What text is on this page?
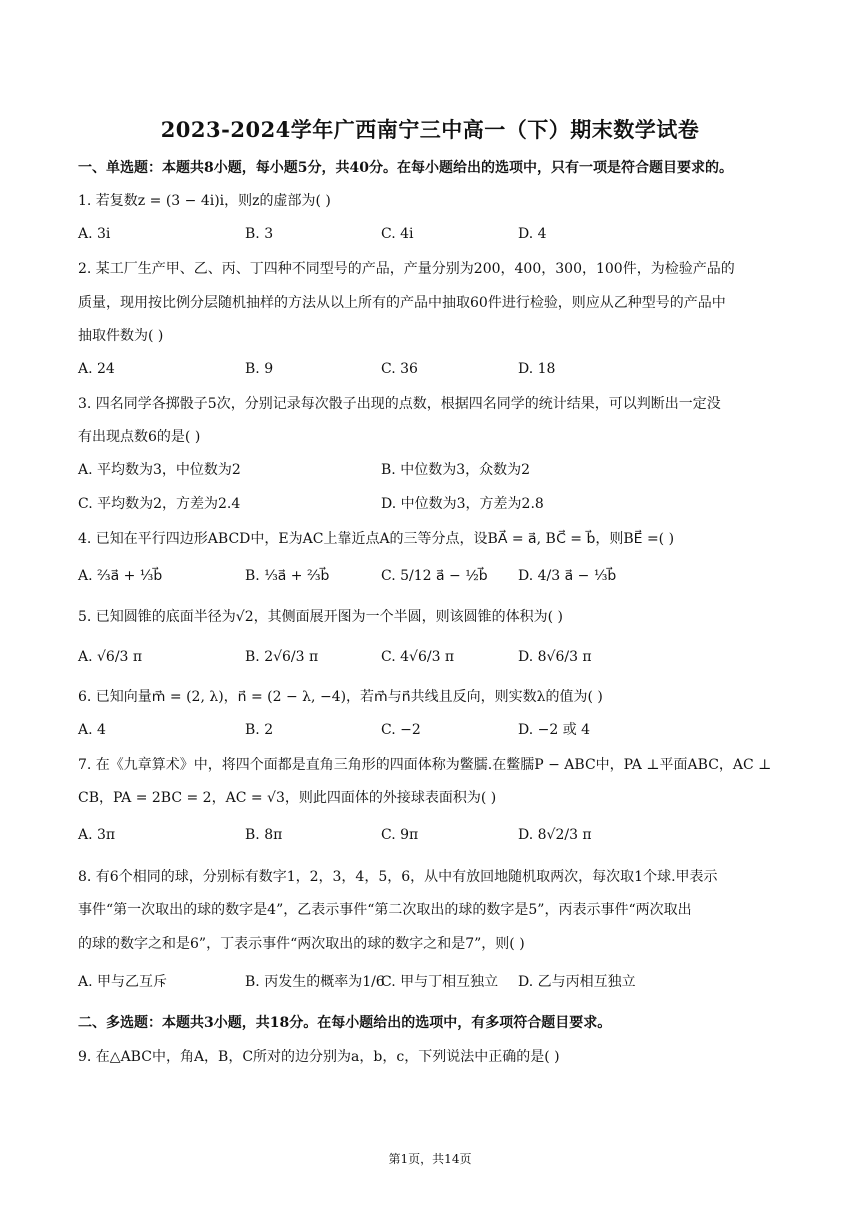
2023-2024学年广西南宁三中高一（下）期末数学试卷
一、单选题：本题共8小题，每小题5分，共40分。在每小题给出的选项中，只有一项是符合题目要求的。
1. 若复数z = (3 − 4i)i，则z的虚部为( )
A. 3i	B. 3	C. 4i	D. 4
2. 某工厂生产甲、乙、丙、丁四种不同型号的产品，产量分别为200，400，300，100件，为检验产品的
质量，现用按比例分层随机抽样的方法从以上所有的产品中抽取60件进行检验，则应从乙种型号的产品中
抽取件数为( )
A. 24	B. 9	C. 36	D. 18
3. 四名同学各掷骰子5次，分别记录每次骰子出现的点数，根据四名同学的统计结果，可以判断出一定没
有出现点数6的是( )
A. 平均数为3，中位数为2	B. 中位数为3，众数为2
C. 平均数为2，方差为2.4	D. 中位数为3，方差为2.8
4. 已知在平行四边形ABCD中，E为AC上靠近点A的三等分点，设BA⃗ = a⃗, BC⃗ = b⃗，则BE⃗ =( )
A. ⅔a⃗ + ⅓b⃗	B. ⅓a⃗ + ⅔b⃗	C. 5/12 a⃗ − ½b⃗ D. 4/3 a⃗ − ⅓b⃗
5. 已知圆锥的底面半径为√2，其侧面展开图为一个半圆，则该圆锥的体积为( )
A. √6/3 π	B. 2√6/3 π	C. 4√6/3 π	D. 8√6/3 π
6. 已知向量m⃗ = (2, λ)，n⃗ = (2 − λ, −4)，若m⃗与n⃗共线且反向，则实数λ的值为( )
A. 4	B. 2	C. −2	D. −2 或 4
7. 在《九章算术》中，将四个面都是直角三角形的四面体称为鳖臑.在鳖臑P − ABC中，PA ⊥平面ABC，AC ⊥
CB，PA = 2BC = 2，AC = √3，则此四面体的外接球表面积为( )
A. 3π	B. 8π	C. 9π	D. 8√2/3 π
8. 有6个相同的球，分别标有数字1，2，3，4，5，6，从中有放回地随机取两次，每次取1个球.甲表示
事件“第一次取出的球的数字是4”，乙表示事件“第二次取出的球的数字是5”，丙表示事件“两次取出
的球的数字之和是6”，丁表示事件“两次取出的球的数字之和是7”，则( )
A. 甲与乙互斥	B. 丙发生的概率为1/6
C. 甲与丁相互独立 D. 乙与丙相互独立
二、多选题：本题共3小题，共18分。在每小题给出的选项中，有多项符合题目要求。
9. 在△ABC中，角A，B，C所对的边分别为a，b，c，下列说法中正确的是( )
第1页，共14页
